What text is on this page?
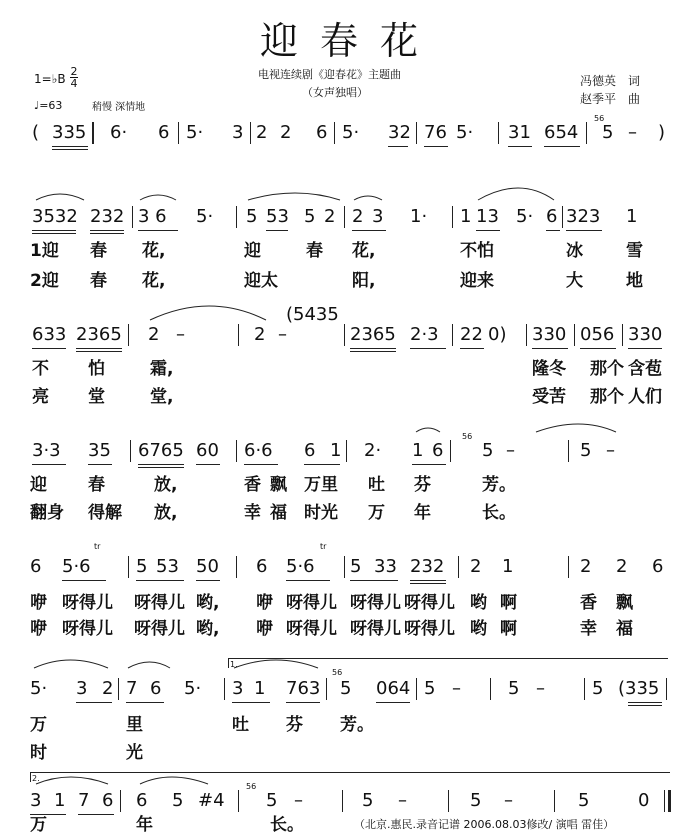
迎春花
电视连续剧《迎春花》主题曲
（女声独唱）
1=♭B
2
4
♩=63	稍慢 深情地
冯德英　词
赵季平　曲
( 335 6· 6 5· 3 2 2 6 5· 32 76 5· 31 654
56
5 – )
3532 232 3 6 5· 5 53 5 2 2 3 1· 1 13 5· 6 323 1
1迎 春 花,	迎	春 花,	不怕	冰	雪
2迎 春 花,	迎太	阳,	迎来	大	地
633 2365 2 –	2 –
(5435
2365 2·3 22 0) 330 056 330
不 怕	霜,	隆冬 那个 含苞
亮 堂	堂,	受苦 那个 人们
3·3 35 6765 60 6·6 6 1 2· 1 6
56
5 –	5 –
迎 春	放,	香 飘 万里 吐 芬	芳。
翻身 得解 放,	幸 福 时光 万 年	长。
6 5·6
tr
5 53 50 6 5·6
tr
5 33 232 2 1	2 2 6
咿 呀得儿 呀得儿 哟, 咿 呀得儿 呀得儿 呀得儿 哟 啊	香 飘
咿 呀得儿 呀得儿 哟, 咿 呀得儿 呀得儿 呀得儿 哟 啊	幸 福
1.
5· 3 2 7 6 5· 3 1 763
56
5 064 5 –	5 –	5 (335
万	里	吐 芬 芳。
时	光
2.
3 1 7 6 6 5 #4
56
5 –	5 –	5 –	5	0
万	年	长。	（北京.惠民.录音记谱 2006.08.03修改/ 演唱 雷佳）
